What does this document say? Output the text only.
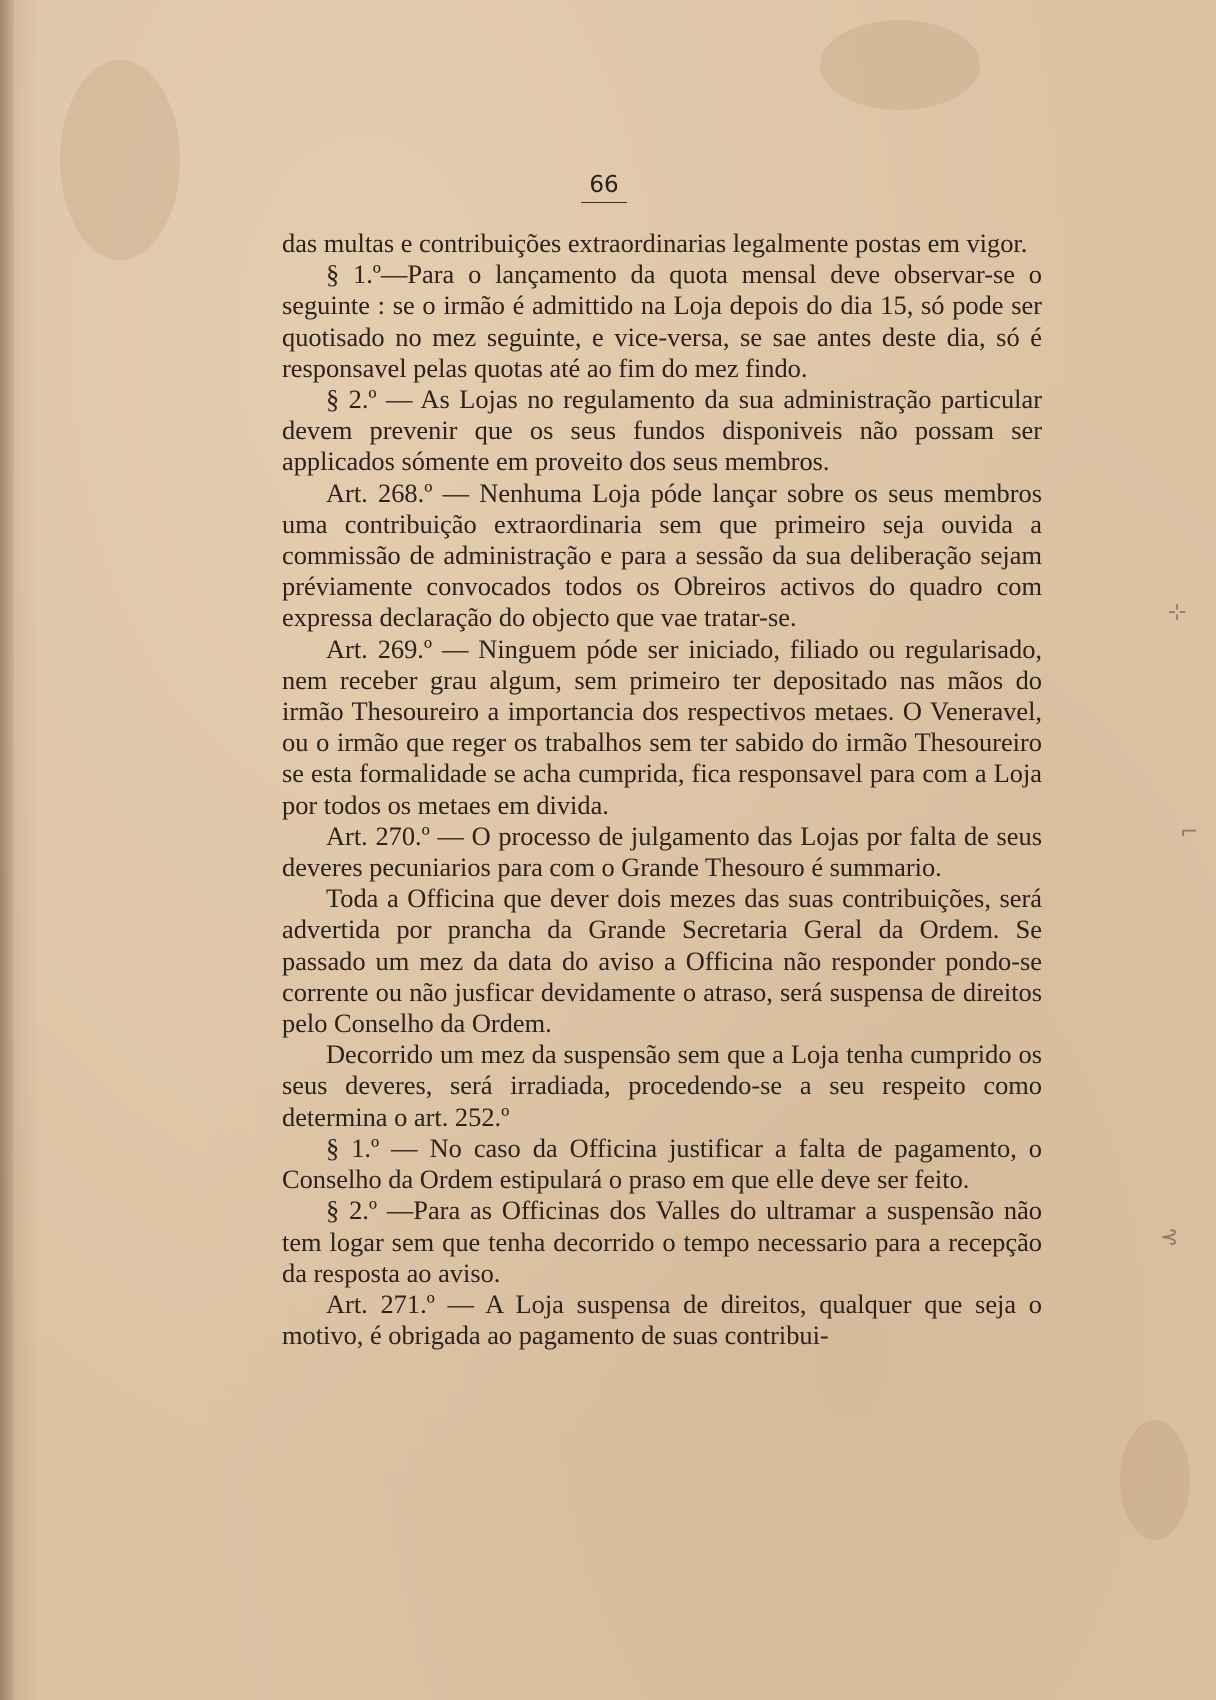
⊹
⌐
⊰
66

das multas e contribuições extraordinarias legalmente postas em vigor.

§ 1.º—Para o lançamento da quota mensal deve observar-se o seguinte : se o irmão é admittido na Loja depois do dia 15, só pode ser quotisado no mez seguinte, e vice-versa, se sae antes deste dia, só é responsavel pelas quotas até ao fim do mez findo.

§ 2.º — As Lojas no regulamento da sua administração particular devem prevenir que os seus fundos disponiveis não possam ser applicados sómente em proveito dos seus membros.

Art. 268.º — Nenhuma Loja póde lançar sobre os seus membros uma contribuição extraordinaria sem que primeiro seja ouvida a commissão de administração e para a sessão da sua deliberação sejam préviamente convocados todos os Obreiros activos do quadro com expressa declaração do objecto que vae tratar-se.

Art. 269.º — Ninguem póde ser iniciado, filiado ou regularisado, nem receber grau algum, sem primeiro ter depositado nas mãos do irmão Thesoureiro a importancia dos respectivos metaes. O Veneravel, ou o irmão que reger os trabalhos sem ter sabido do irmão Thesoureiro se esta formalidade se acha cumprida, fica responsavel para com a Loja por todos os metaes em divida.

Art. 270.º — O processo de julgamento das Lojas por falta de seus deveres pecuniarios para com o Grande Thesouro é summario.

Toda a Officina que dever dois mezes das suas contribuições, será advertida por prancha da Grande Secretaria Geral da Ordem. Se passado um mez da data do aviso a Officina não responder pondo-se corrente ou não jusficar devidamente o atraso, será suspensa de direitos pelo Conselho da Ordem.

Decorrido um mez da suspensão sem que a Loja tenha cumprido os seus deveres, será irradiada, procedendo-se a seu respeito como determina o art. 252.º

§ 1.º — No caso da Officina justificar a falta de pagamento, o Conselho da Ordem estipulará o praso em que elle deve ser feito.

§ 2.º —Para as Officinas dos Valles do ultramar a suspensão não tem logar sem que tenha decorrido o tempo necessario para a recepção da resposta ao aviso.

Art. 271.º — A Loja suspensa de direitos, qualquer que seja o motivo, é obrigada ao pagamento de suas contribui-
